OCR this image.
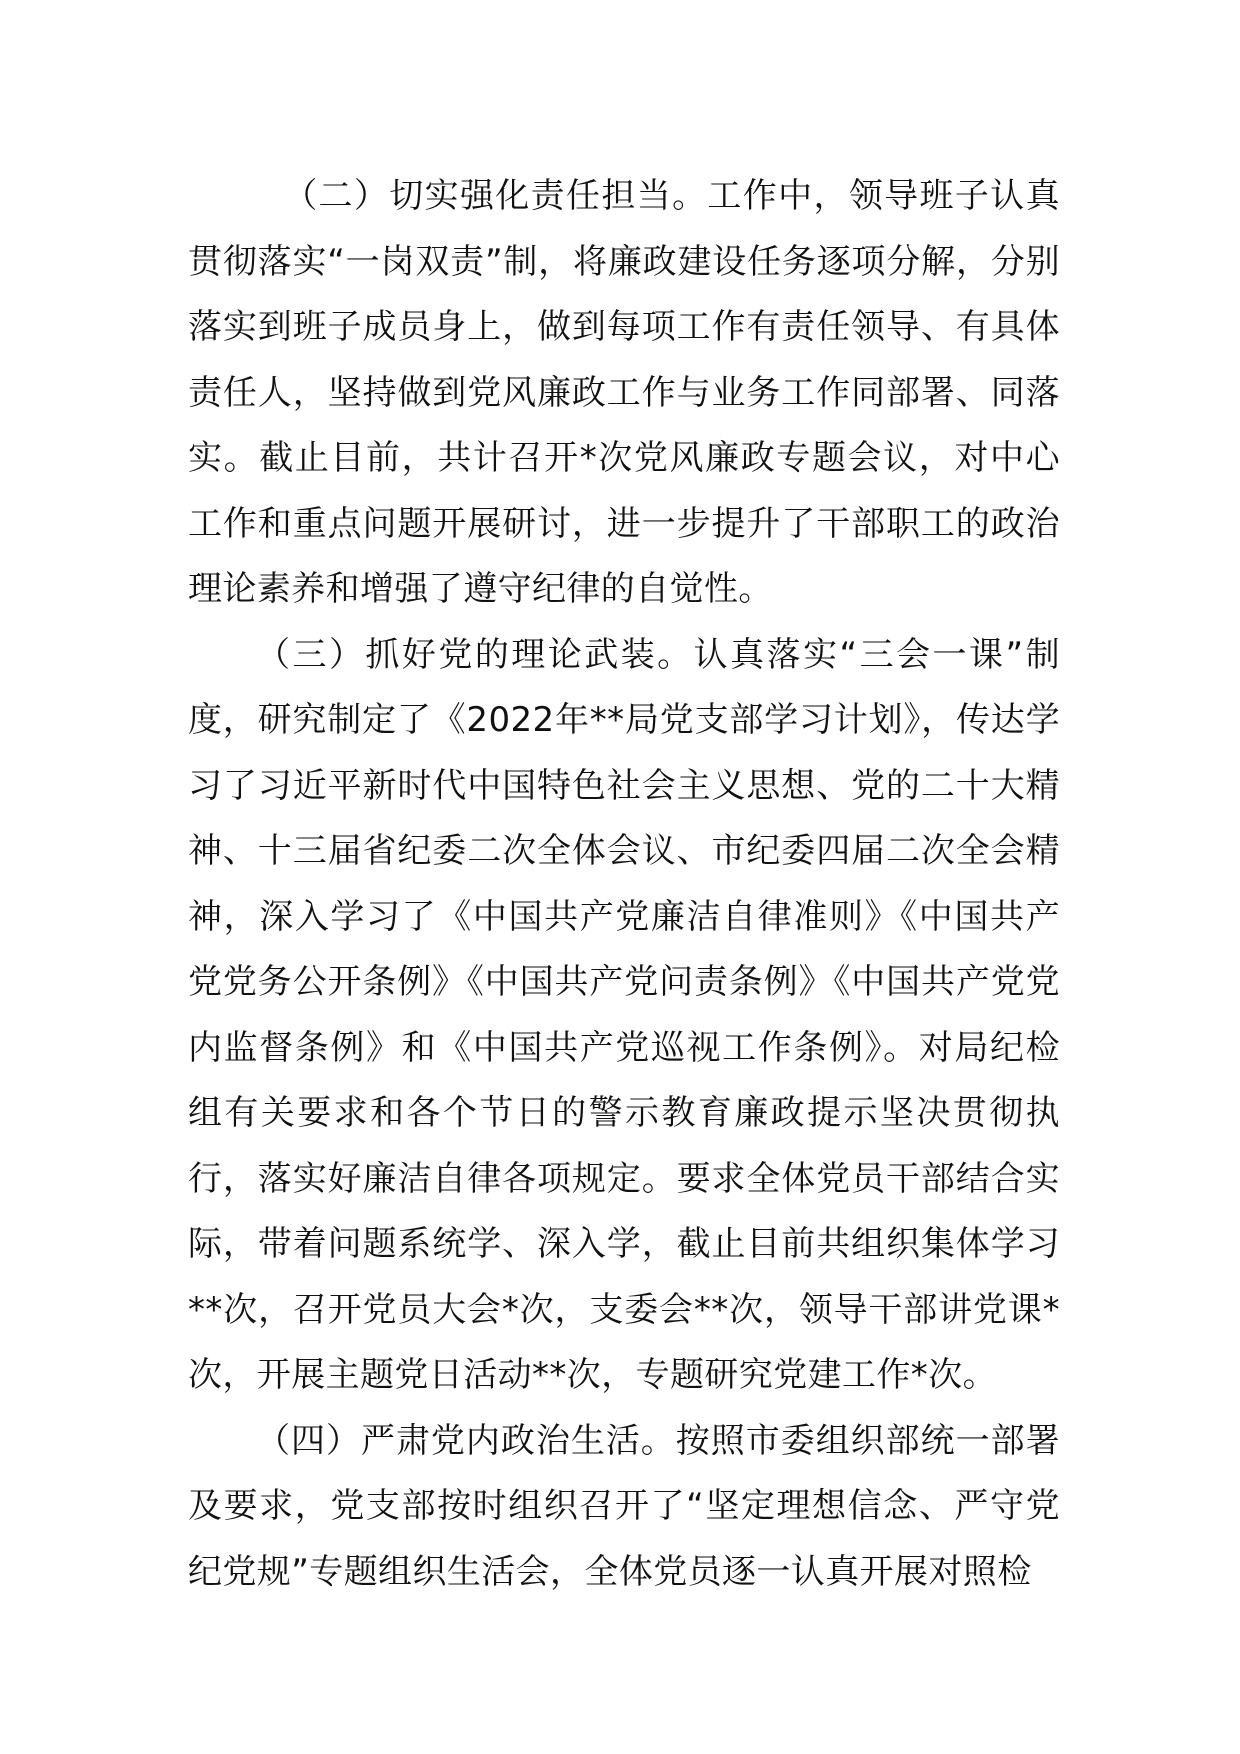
（二）切实强化责任担当。工作中，领导班子认真贯彻落实“一岗双责”制，将廉政建设任务逐项分解，分别落实到班子成员身上，做到每项工作有责任领导、有具体责任人，坚持做到党风廉政工作与业务工作同部署、同落实。截止目前，共计召开*次党风廉政专题会议，对中心工作和重点问题开展研讨，进一步提升了干部职工的政治理论素养和增强了遵守纪律的自觉性。

（三）抓好党的理论武装。认真落实“三会一课”制度，研究制定了《2022年**局党支部学习计划》，传达学习了习近平新时代中国特色社会主义思想、党的二十大精神、十三届省纪委二次全体会议、市纪委四届二次全会精神，深入学习了《中国共产党廉洁自律准则》《中国共产党党务公开条例》《中国共产党问责条例》《中国共产党党内监督条例》和《中国共产党巡视工作条例》。对局纪检组有关要求和各个节日的警示教育廉政提示坚决贯彻执行，落实好廉洁自律各项规定。要求全体党员干部结合实际，带着问题系统学、深入学，截止目前共组织集体学习**次，召开党员大会*次，支委会**次，领导干部讲党课*次，开展主题党日活动**次，专题研究党建工作*次。

（四）严肃党内政治生活。按照市委组织部统一部署及要求，党支部按时组织召开了“坚定理想信念、严守党纪党规”专题组织生活会，全体党员逐一认真开展对照检
